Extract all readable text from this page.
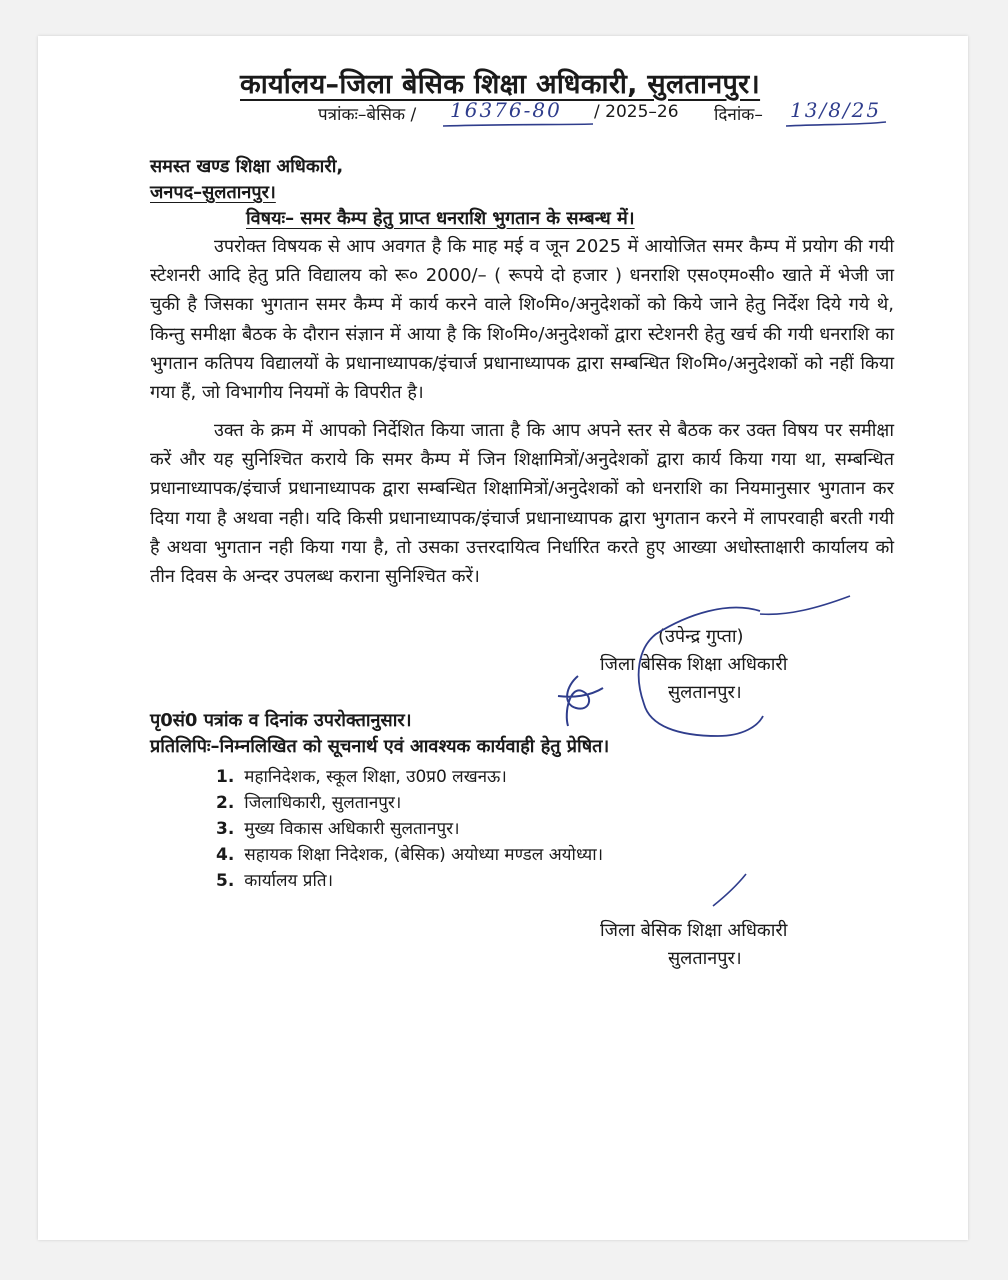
कार्यालय–जिला बेसिक शिक्षा अधिकारी, सुलतानपुर।
पत्रांकः–बेसिक / 16376-80 / 2025–26 दिनांक– 13/8/25
समस्त खण्ड शिक्षा अधिकारी,
जनपद–सुलतानपुर।
विषयः– समर कैम्प हेतु प्राप्त धनराशि भुगतान के सम्बन्ध में।

उपरोक्त विषयक से आप अवगत है कि माह मई व जून 2025 में आयोजित समर कैम्प में प्रयोग की गयी स्टेशनरी आदि हेतु प्रति विद्यालय को रू० 2000/– ( रूपये दो हजार ) धनराशि एस०एम०सी० खाते में भेजी जा चुकी है जिसका भुगतान समर कैम्प में कार्य करने वाले शि०मि०/अनुदेशकों को किये जाने हेतु निर्देश दिये गये थे, किन्तु समीक्षा बैठक के दौरान संज्ञान में आया है कि शि०मि०/अनुदेशकों द्वारा स्टेशनरी हेतु खर्च की गयी धनराशि का भुगतान कतिपय विद्यालयों के प्रधानाध्यापक/इंचार्ज प्रधानाध्यापक द्वारा सम्बन्धित शि०मि०/अनुदेशकों को नहीं किया गया हैं, जो विभागीय नियमों के विपरीत है।

उक्त के क्रम में आपको निर्देशित किया जाता है कि आप अपने स्तर से बैठक कर उक्त विषय पर समीक्षा करें और यह सुनिश्चित कराये कि समर कैम्प में जिन शिक्षामित्रों/अनुदेशकों द्वारा कार्य किया गया था, सम्बन्धित प्रधानाध्यापक/इंचार्ज प्रधानाध्यापक द्वारा सम्बन्धित शिक्षामित्रों/अनुदेशकों को धनराशि का नियमानुसार भुगतान कर दिया गया है अथवा नही। यदि किसी प्रधानाध्यापक/इंचार्ज प्रधानाध्यापक द्वारा भुगतान करने में लापरवाही बरती गयी है अथवा भुगतान नही किया गया है, तो उसका उत्तरदायित्व निर्धारित करते हुए आख्या अधोस्ताक्षारी कार्यालय को तीन दिवस के अन्दर उपलब्ध कराना सुनिश्चित करें।

(उपेन्द्र गुप्ता)
जिला बेसिक शिक्षा अधिकारी
सुलतानपुर।
पृ0सं0 पत्रांक व दिनांक उपरोक्तानुसार।
प्रतिलिपिः–निम्नलिखित को सूचनार्थ एवं आवश्यक कार्यवाही हेतु प्रेषित।
1. महानिदेशक, स्कूल शिक्षा, उ0प्र0 लखनऊ।
2. जिलाधिकारी, सुलतानपुर।
3. मुख्य विकास अधिकारी सुलतानपुर।
4. सहायक शिक्षा निदेशक, (बेसिक) अयोध्या मण्डल अयोध्या।
5. कार्यालय प्रति।
जिला बेसिक शिक्षा अधिकारी
सुलतानपुर।
